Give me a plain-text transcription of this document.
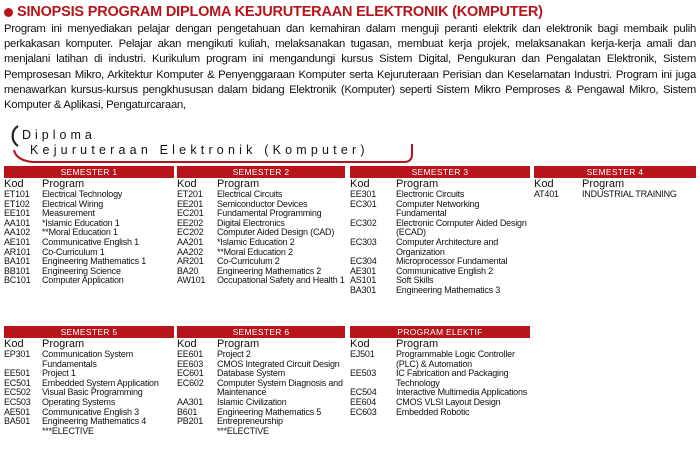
SINOPSIS PROGRAM DIPLOMA KEJURUTERAAN ELEKTRONIK (KOMPUTER)
Program ini menyediakan pelajar dengan pengetahuan dan kemahiran dalam menguji peranti elektrik dan elektronik bagi membaik pulih perkakasan komputer. Pelajar akan mengikuti kuliah, melaksanakan tugasan, membuat kerja projek, melaksanakan kerja-kerja amali dan menjalani latihan di industri. Kurikulum program ini mengandungi kursus Sistem Digital, Pengukuran dan Pengalatan Elektronik, Sistem Pemprosesan Mikro, Arkitektur Komputer & Penyenggaraan Komputer serta Kejuruteraan Perisian dan Keselamatan Industri. Program ini juga menawarkan kursus-kursus pengkhususan dalam bidang Elektronik (Komputer) seperti Sistem Mikro Pemproses & Pengawal Mikro, Sistem Komputer & Aplikasi, Pengaturcaraan,
Diploma
Kejuruteraan Elektronik (Komputer)
SEMESTER 1
Kod	Program
ET101	Electrical Technology
ET102	Electrical Wiring
EE101	Measurement
AA101	*Islamic Education 1
AA102	**Moral Education 1
AE101	Communicative English 1
AR101	Co-Curriculum 1
BA101	Engineering Mathematics 1
BB101	Engineering Science
BC101	Computer Application
SEMESTER 2
Kod	Program
ET201	Electrical Circuits
EE201	Semiconductor Devices
EC201	Fundamental Programming
EE202	Digital Electronics
EC202	Computer Aided Design (CAD)
AA201	*Islamic Education 2
AA202	**Moral Education 2
AR201	Co-Curriculum 2
BA20	Engineering Mathematics 2
AW101	Occupational Safety and Health 1
SEMESTER 3
Kod	Program
EE301	Electronic Circuits
EC301	Computer Networking Fundamental
EC302	Electronic Computer Aided Design (ECAD)
EC303	Computer Architecture and Organization
EC304	Microprocessor Fundamental
AE301	Communicative English 2
AS101	Soft Skills
BA301	Engineering Mathematics 3
SEMESTER 4
Kod	Program
AT401	INDUSTRIAL TRAINING
SEMESTER 5
Kod	Program
EP301	Communication System Fundamentals
EE501	Project 1
EC501	Embedded System Application
EC502	Visual Basic Programming
EC503	Operating Systems
AE501	Communicative English 3
BA501	Engineering Mathematics 4
***ELECTIVE
SEMESTER 6
Kod	Program
EE601	Project 2
EE603	CMOS Integrated Circuit Design
EC601	Database System
EC602	Computer System Diagnosis and Maintenance
AA301	Islamic Civilization
B601	Engineering Mathematics 5
PB201	Entrepreneurship
***ELECTIVE
PROGRAM ELEKTIF
Kod	Program
EJ501	Programmable Logic Controller (PLC) & Automation
EE503	IC Fabrication and Packaging Technology
EC504	Interactive Multimedia Applications
EE604	CMOS VLSI Layout Design
EC603	Embedded Robotic
